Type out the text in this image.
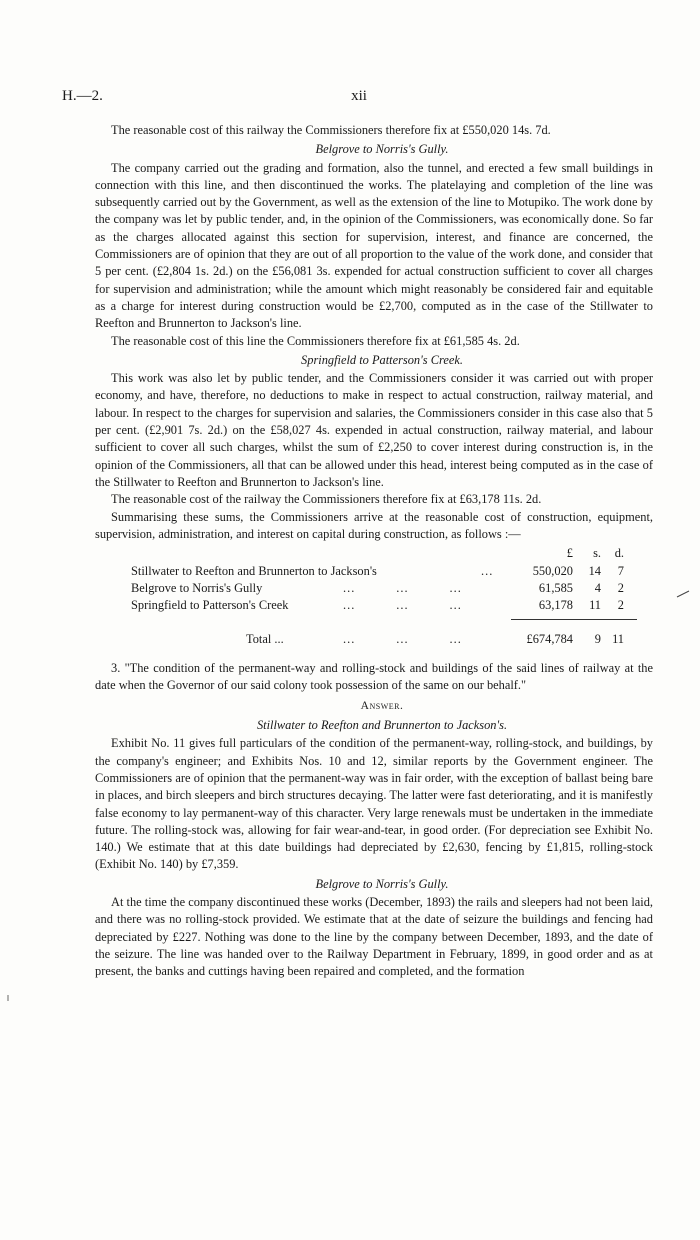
H.—2.	xii

The reasonable cost of this railway the Commissioners therefore fix at £550,020 14s. 7d.

Belgrove to Norris's Gully.

The company carried out the grading and formation, also the tunnel, and erected a few small buildings in connection with this line, and then discontinued the works. The platelaying and completion of the line was subsequently carried out by the Government, as well as the extension of the line to Motupiko. The work done by the company was let by public tender, and, in the opinion of the Commissioners, was economically done. So far as the charges allocated against this section for supervision, interest, and finance are concerned, the Commissioners are of opinion that they are out of all proportion to the value of the work done, and consider that 5 per cent. (£2,804 1s. 2d.) on the £56,081 3s. expended for actual construction sufficient to cover all charges for supervision and administration; while the amount which might reasonably be considered fair and equitable as a charge for interest during construction would be £2,700, computed as in the case of the Stillwater to Reefton and Brunnerton to Jackson's line.

The reasonable cost of this line the Commissioners therefore fix at £61,585 4s. 2d.

Springfield to Patterson's Creek.

This work was also let by public tender, and the Commissioners consider it was carried out with proper economy, and have, therefore, no deductions to make in respect to actual construction, railway material, and labour. In respect to the charges for supervision and salaries, the Commissioners consider in this case also that 5 per cent. (£2,901 7s. 2d.) on the £58,027 4s. expended in actual construction, railway material, and labour sufficient to cover all such charges, whilst the sum of £2,250 to cover interest during construction is, in the opinion of the Commissioners, all that can be allowed under this head, interest being computed as in the case of the Stillwater to Reefton and Brunnerton to Jackson's line.

The reasonable cost of the railway the Commissioners therefore fix at £63,178 11s. 2d.

Summarising these sums, the Commissioners arrive at the reasonable cost of construction, equipment, supervision, administration, and interest on capital during construction, as follows :—

£	s.	d.
Stillwater to Reefton and Brunnerton to Jackson's	...	550,020	14	7
Belgrove to Norris's Gully	...          ...          ...	61,585	4	2
Springfield to Patterson's Creek	...          ...          ...	63,178	11	2
Total ...	...          ...          ...	£674,784	9 11

3. "The condition of the permanent-way and rolling-stock and buildings of the said lines of railway at the date when the Governor of our said colony took possession of the same on our behalf."

Answer.
Stillwater to Reefton and Brunnerton to Jackson's.

Exhibit No. 11 gives full particulars of the condition of the permanent-way, rolling-stock, and buildings, by the company's engineer; and Exhibits Nos. 10 and 12, similar reports by the Government engineer. The Commissioners are of opinion that the permanent-way was in fair order, with the exception of ballast being bare in places, and birch sleepers and birch structures decaying. The latter were fast deteriorating, and it is manifestly false economy to lay permanent-way of this character. Very large renewals must be undertaken in the immediate future. The rolling-stock was, allowing for fair wear-and-tear, in good order. (For depreciation see Exhibit No. 140.) We estimate that at this date buildings had depreciated by £2,630, fencing by £1,815, rolling-stock (Exhibit No. 140) by £7,359.

Belgrove to Norris's Gully.

At the time the company discontinued these works (December, 1893) the rails and sleepers had not been laid, and there was no rolling-stock provided. We estimate that at the date of seizure the buildings and fencing had depreciated by £227. Nothing was done to the line by the company between December, 1893, and the date of the seizure. The line was handed over to the Railway Department in February, 1899, in good order and as at present, the banks and cuttings having been repaired and completed, and the formation
